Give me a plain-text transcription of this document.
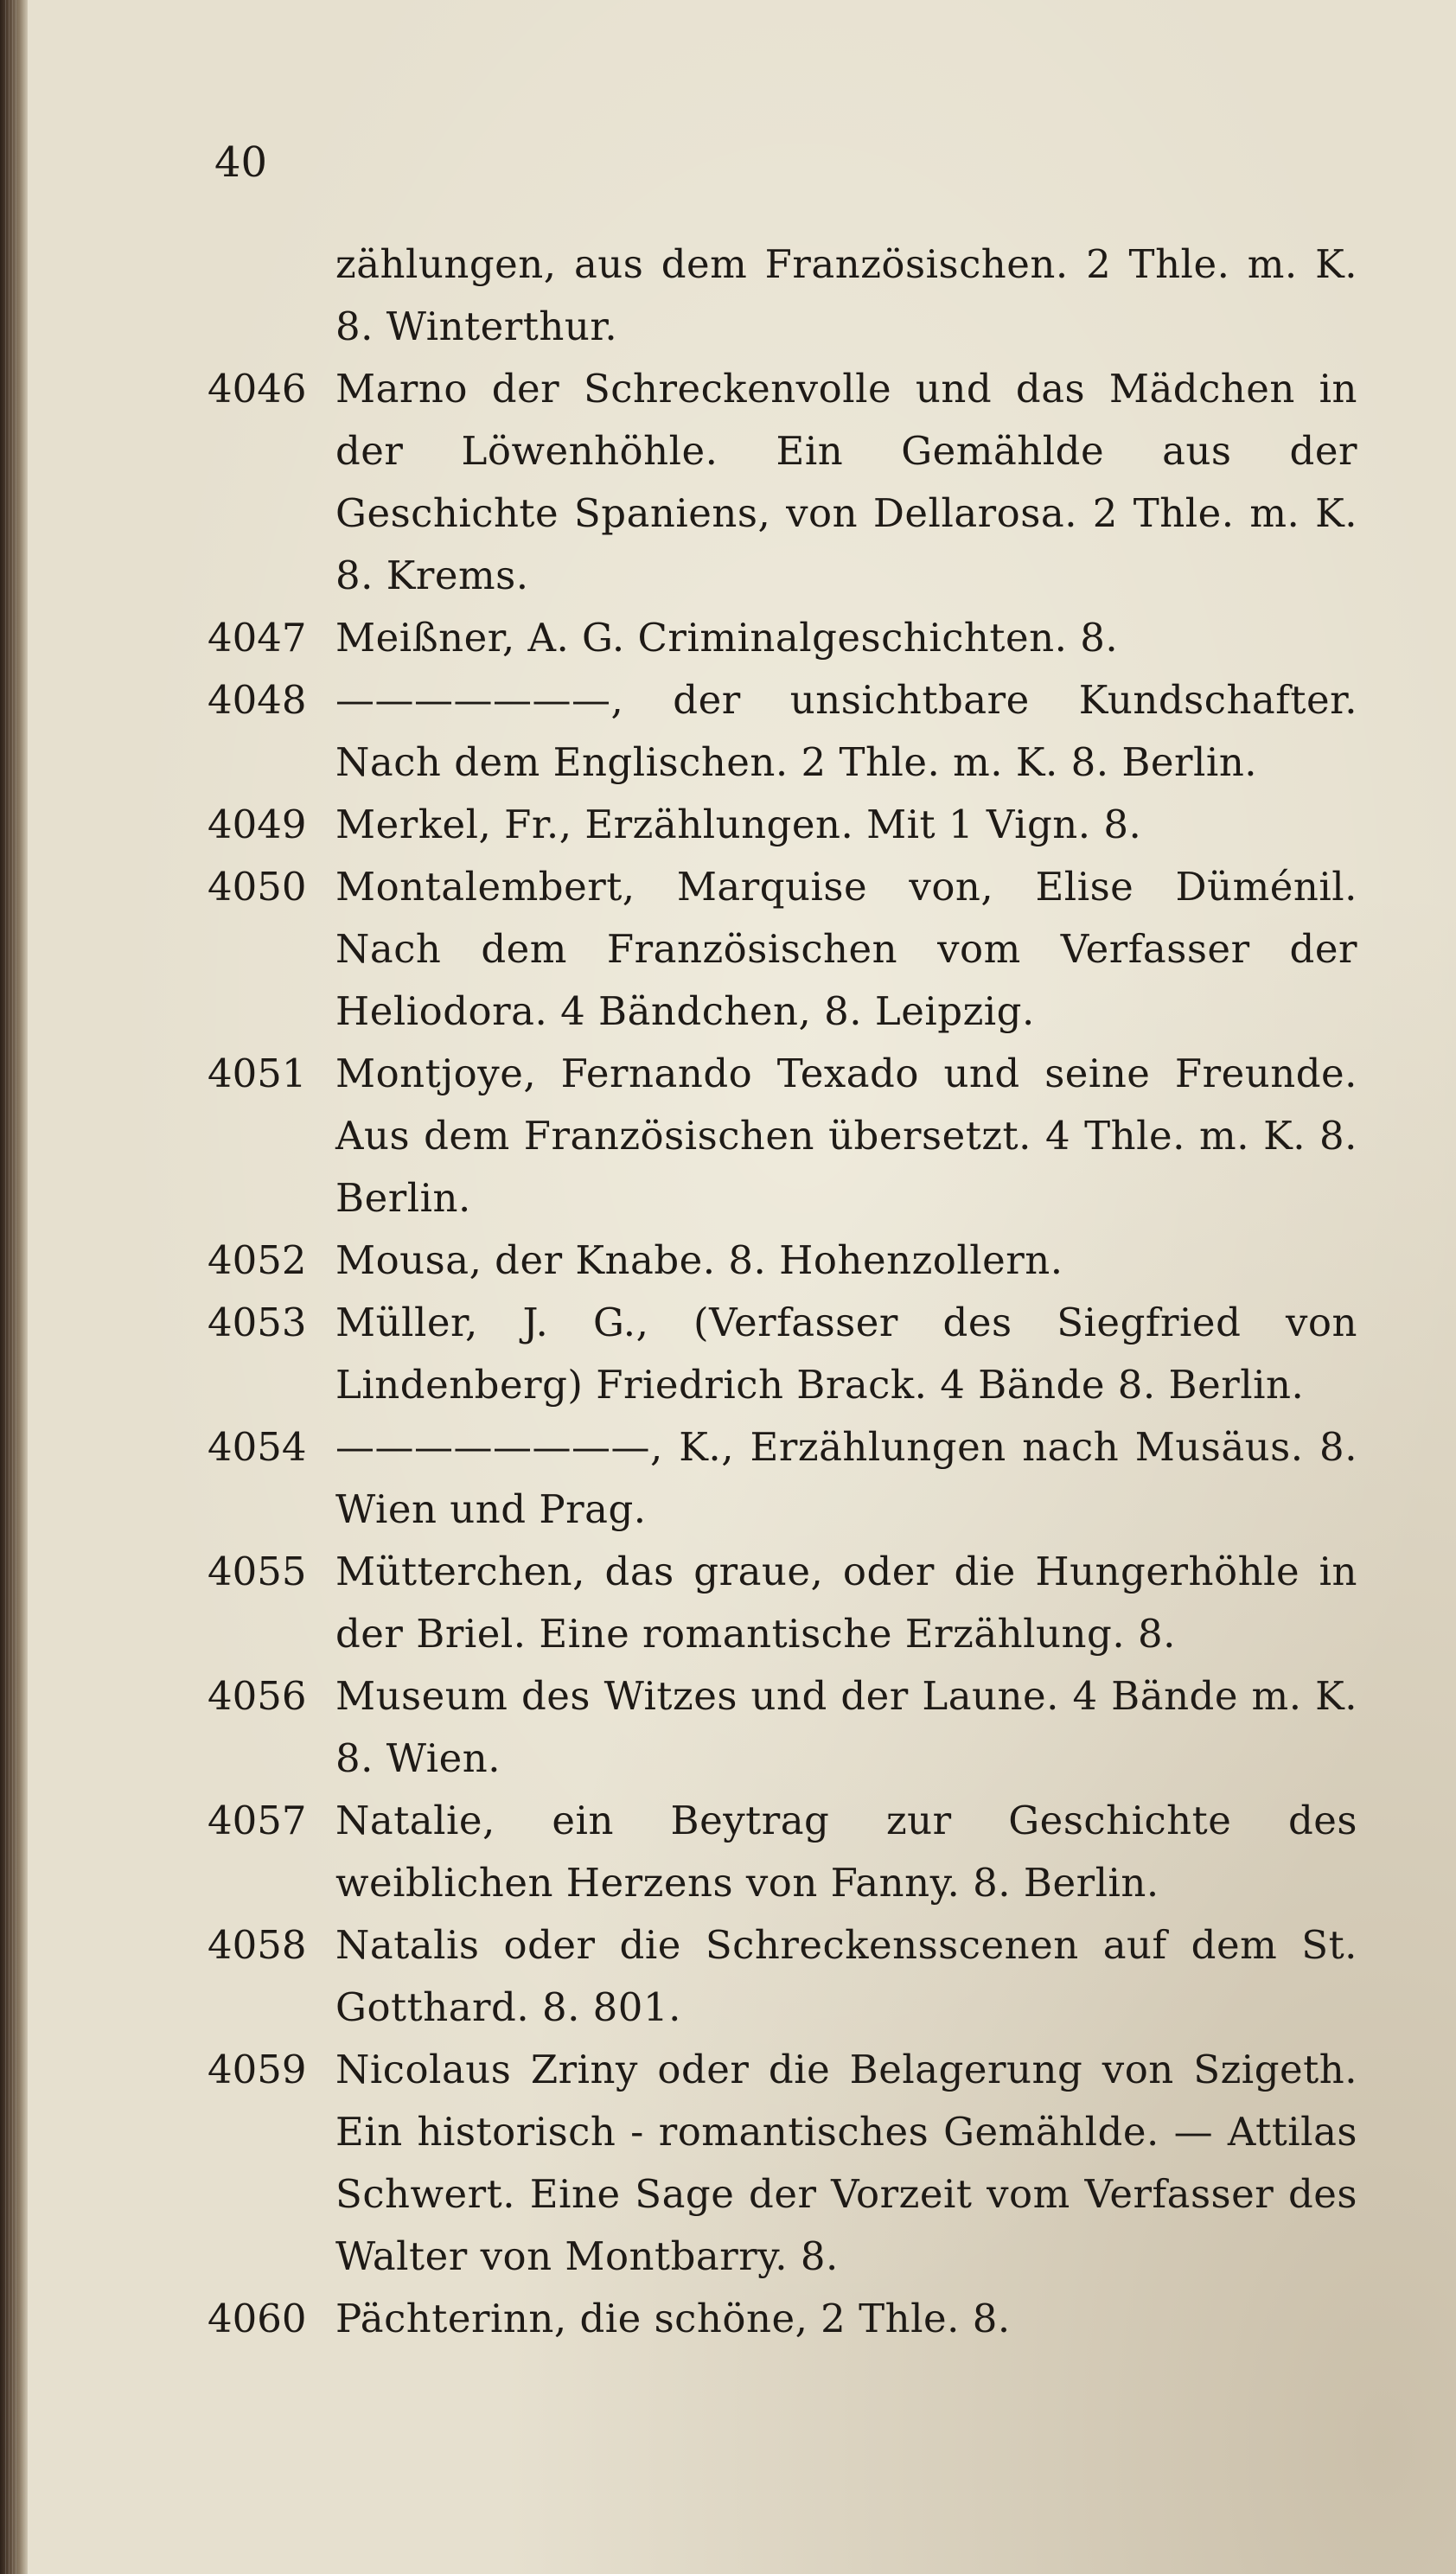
40
zählungen, aus dem Französischen. 2 Thle. m. K. 8. Winterthur.
4046 Marno der Schreckenvolle und das Mädchen in der Löwenhöhle. Ein Gemählde aus der Geschichte Spaniens, von Dellarosa. 2 Thle. m. K. 8. Krems.
4047 Meißner, A. G. Criminalgeschichten. 8.
4048 ———————, der unsichtbare Kundschafter. Nach dem Englischen. 2 Thle. m. K. 8. Berlin.
4049 Merkel, Fr., Erzählungen. Mit 1 Vign. 8.
4050 Montalembert, Marquise von, Elise Düménil. Nach dem Französischen vom Verfasser der Heliodora. 4 Bändchen, 8. Leipzig.
4051 Montjoye, Fernando Texado und seine Freunde. Aus dem Französischen übersetzt. 4 Thle. m. K. 8. Berlin.
4052 Mousa, der Knabe. 8. Hohenzollern.
4053 Müller, J. G., (Verfasser des Siegfried von Lindenberg) Friedrich Brack. 4 Bände 8. Berlin.
4054 ————————, K., Erzählungen nach Musäus. 8. Wien und Prag.
4055 Mütterchen, das graue, oder die Hungerhöhle in der Briel. Eine romantische Erzählung. 8.
4056 Museum des Witzes und der Laune. 4 Bände m. K. 8. Wien.
4057 Natalie, ein Beytrag zur Geschichte des weiblichen Herzens von Fanny. 8. Berlin.
4058 Natalis oder die Schreckensscenen auf dem St. Gotthard. 8. 801.
4059 Nicolaus Zriny oder die Belagerung von Szigeth. Ein historisch - romantisches Gemählde. — Attilas Schwert. Eine Sage der Vorzeit vom Verfasser des Walter von Montbarry. 8.
4060 Pächterinn, die schöne, 2 Thle. 8.
